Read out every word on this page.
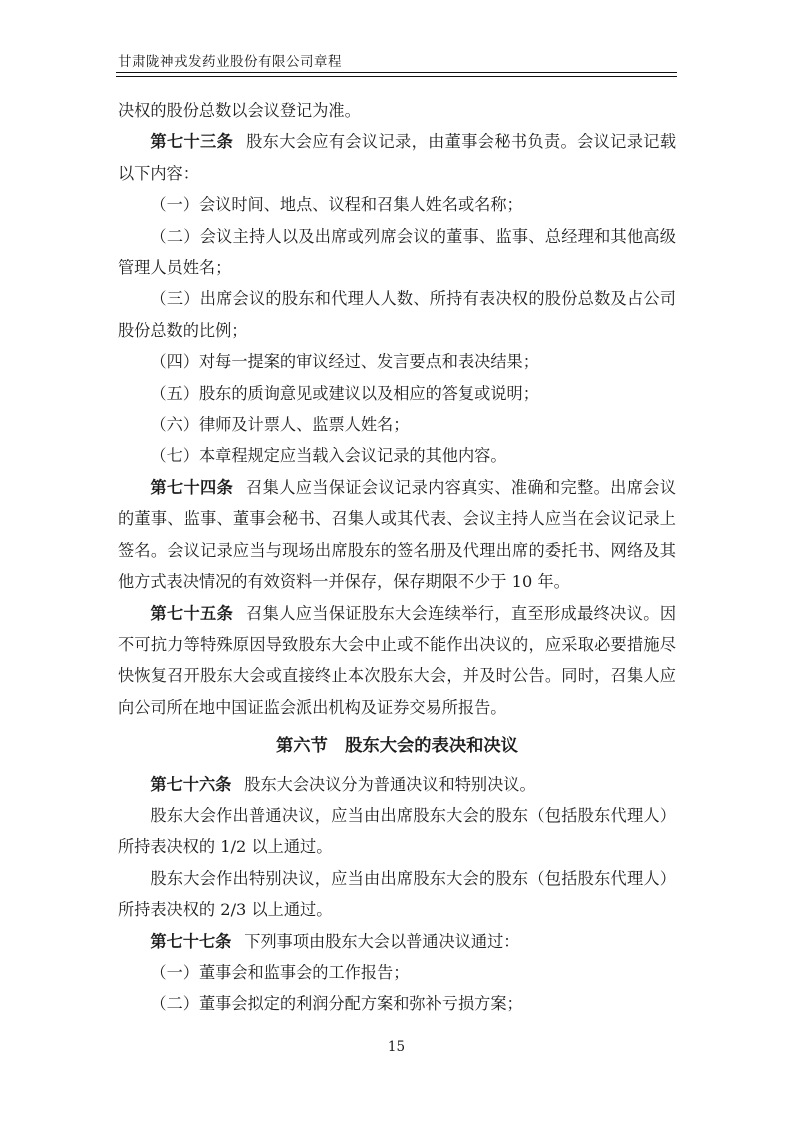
甘肃陇神戎发药业股份有限公司章程

决权的股份总数以会议登记为准。

第七十三条 股东大会应有会议记录，由董事会秘书负责。会议记录记载以下内容：

（一）会议时间、地点、议程和召集人姓名或名称；

（二）会议主持人以及出席或列席会议的董事、监事、总经理和其他高级管理人员姓名；

（三）出席会议的股东和代理人人数、所持有表决权的股份总数及占公司股份总数的比例；

（四）对每一提案的审议经过、发言要点和表决结果；

（五）股东的质询意见或建议以及相应的答复或说明；

（六）律师及计票人、监票人姓名；

（七）本章程规定应当载入会议记录的其他内容。

第七十四条 召集人应当保证会议记录内容真实、准确和完整。出席会议的董事、监事、董事会秘书、召集人或其代表、会议主持人应当在会议记录上签名。会议记录应当与现场出席股东的签名册及代理出席的委托书、网络及其他方式表决情况的有效资料一并保存，保存期限不少于 10 年。

第七十五条 召集人应当保证股东大会连续举行，直至形成最终决议。因不可抗力等特殊原因导致股东大会中止或不能作出决议的，应采取必要措施尽快恢复召开股东大会或直接终止本次股东大会，并及时公告。同时，召集人应向公司所在地中国证监会派出机构及证券交易所报告。

第六节　股东大会的表决和决议

第七十六条 股东大会决议分为普通决议和特别决议。

股东大会作出普通决议，应当由出席股东大会的股东（包括股东代理人）所持表决权的 1/2 以上通过。

股东大会作出特别决议，应当由出席股东大会的股东（包括股东代理人）所持表决权的 2/3 以上通过。

第七十七条 下列事项由股东大会以普通决议通过：

（一）董事会和监事会的工作报告；

（二）董事会拟定的利润分配方案和弥补亏损方案；

15
